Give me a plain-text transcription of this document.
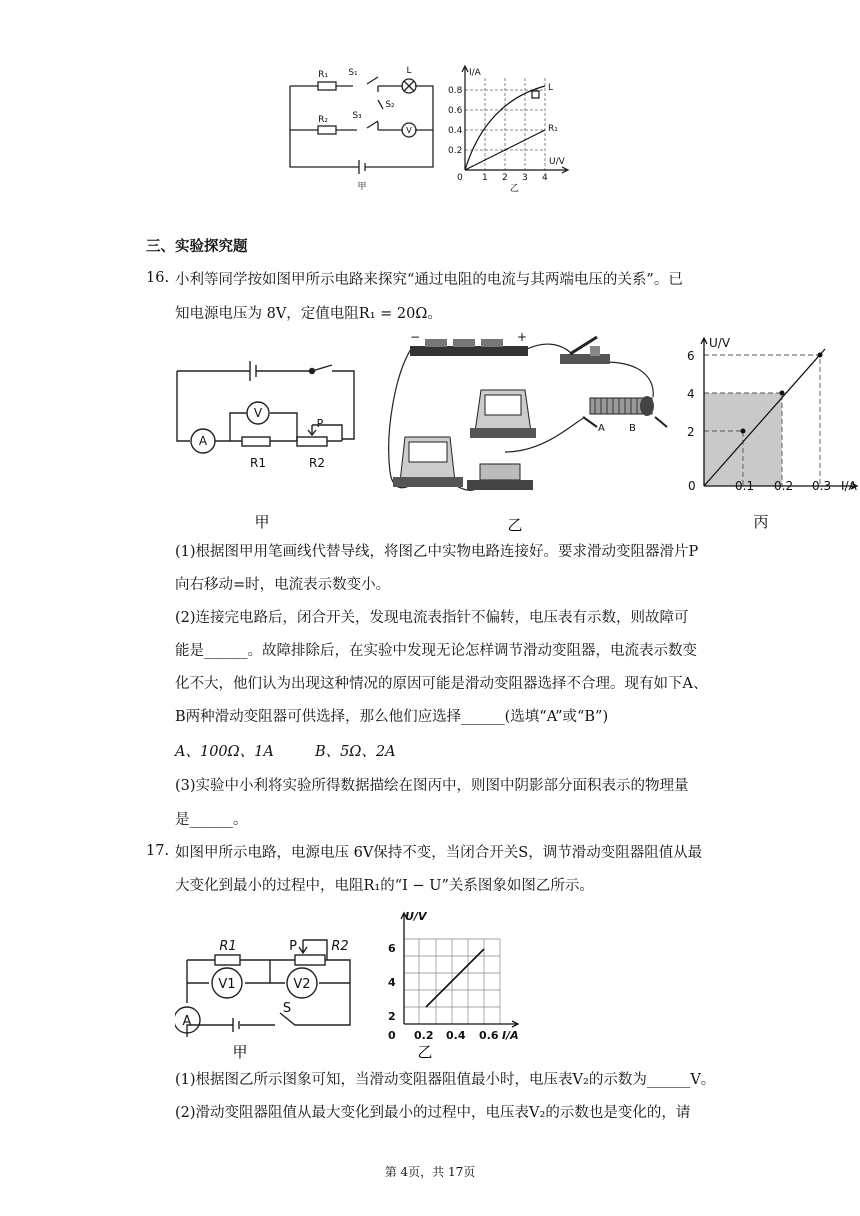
R₁ S₁	L
R₂	S₃
S₂
V
甲
I/A
U/V
0.8
0.6
0.4
0.2
0 1 2 3 4
L
R₁
乙
三、实验探究题
16. 小利等同学按如图甲所示电路来探究“通过电阻的电流与其两端电压的关系”。已
知电源电压为 8V，定值电阻R₁ = 20Ω。
A
V
P
R1	R2
甲
−	+
A B
乙
U/V
6
4
2
0	0.1 0.2 0.3 I/A
丙
(1)根据图甲用笔画线代替导线，将图乙中实物电路连接好。要求滑动变阻器滑片P
向右移动=时，电流表示数变小。
(2)连接完电路后，闭合开关，发现电流表指针不偏转，电压表有示数，则故障可
能是______。故障排除后，在实验中发现无论怎样调节滑动变阻器，电流表示数变
化不大，他们认为出现这种情况的原因可能是滑动变阻器选择不合理。现有如下A、
B两种滑动变阻器可供选择，那么他们应选择______(选填“A”或“B”)
A、100Ω、1A	B、5Ω、2A
(3)实验中小利将实验所得数据描绘在图丙中，则图中阴影部分面积表示的物理量
是______。
17. 如图甲所示电路，电源电压 6V保持不变，当闭合开关S，调节滑动变阻器阻值从最
大变化到最小的过程中，电阻R₁的“I − U”关系图象如图乙所示。
R1	P	R2
V1	V2
A
S
甲
U/V
6
4
2
0 0.2 0.4 0.6 I/A
乙
(1)根据图乙所示图象可知，当滑动变阻器阻值最小时，电压表V₂的示数为______V。
(2)滑动变阻器阻值从最大变化到最小的过程中，电压表V₂的示数也是变化的，请
第 4页，共 17页
